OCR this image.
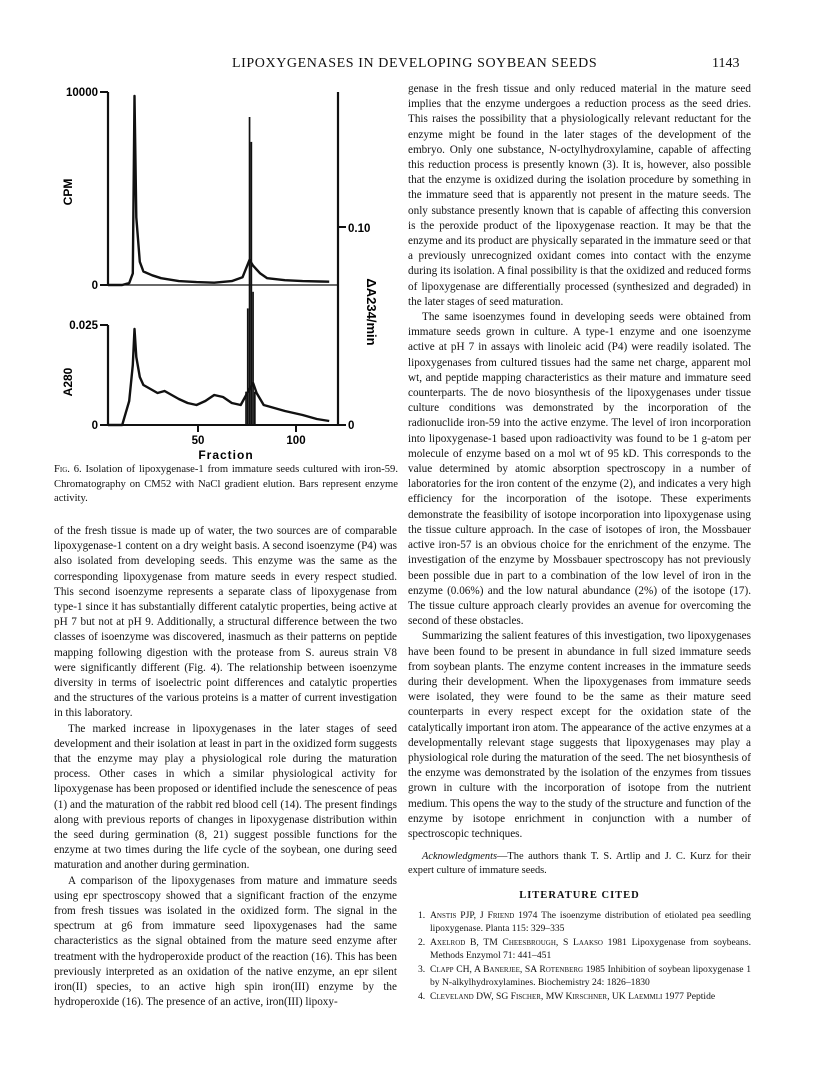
LIPOXYGENASES IN DEVELOPING SOYBEAN SEEDS	1143
10000
0
0.025
0
0.10
0
50	100
Fraction
CPM
A280
ΔA234/min
Fig. 6. Isolation of lipoxygenase-1 from immature seeds cultured with iron-59. Chromatography on CM52 with NaCl gradient elution. Bars represent enzyme activity.

of the fresh tissue is made up of water, the two sources are of comparable lipoxygenase-1 content on a dry weight basis. A second isoenzyme (P4) was also isolated from developing seeds. This enzyme was the same as the corresponding lipoxygenase from mature seeds in every respect studied. This second isoenzyme represents a separate class of lipoxygenase from type-1 since it has substantially different catalytic properties, being active at pH 7 but not at pH 9. Additionally, a structural difference between the two classes of isoenzyme was discovered, inasmuch as their patterns on peptide mapping following digestion with the protease from S. aureus strain V8 were significantly different (Fig. 4). The relationship between isoenzyme diversity in terms of isoelectric point differences and catalytic properties and the structures of the various proteins is a matter of current investigation in this laboratory.

The marked increase in lipoxygenases in the later stages of seed development and their isolation at least in part in the oxidized form suggests that the enzyme may play a physiological role during the maturation process. Other cases in which a similar physiological activity for lipoxygenase has been proposed or identified include the senescence of peas (1) and the maturation of the rabbit red blood cell (14). The present findings along with previous reports of changes in lipoxygenase distribution within the seed during germination (8, 21) suggest possible functions for the enzyme at two times during the life cycle of the soybean, one during seed maturation and another during germination.

A comparison of the lipoxygenases from mature and immature seeds using epr spectroscopy showed that a significant fraction of the enzyme from fresh tissues was isolated in the oxidized form. The signal in the spectrum at g6 from immature seed lipoxygenases had the same characteristics as the signal obtained from the mature seed enzyme after treatment with the hydroperoxide product of the reaction (16). This has been previously interpreted as an oxidation of the native enzyme, an epr silent iron(II) species, to an active high spin iron(III) enzyme by the hydroperoxide (16). The presence of an active, iron(III) lipoxy-

genase in the fresh tissue and only reduced material in the mature seed implies that the enzyme undergoes a reduction process as the seed dries. This raises the possibility that a physiologically relevant reductant for the enzyme might be found in the later stages of the development of the embryo. Only one substance, N-octylhydroxylamine, capable of affecting this reduction process is presently known (3). It is, however, also possible that the enzyme is oxidized during the isolation procedure by something in the immature seed that is apparently not present in the mature seeds. The only substance presently known that is capable of affecting this conversion is the peroxide product of the lipoxygenase reaction. It may be that the enzyme and its product are physically separated in the immature seed or that a previously unrecognized oxidant comes into contact with the enzyme during its isolation. A final possibility is that the oxidized and reduced forms of lipoxygenase are differentially processed (synthesized and degraded) in the later stages of seed maturation.

The same isoenzymes found in developing seeds were obtained from immature seeds grown in culture. A type-1 enzyme and one isoenzyme active at pH 7 in assays with linoleic acid (P4) were readily isolated. The lipoxygenases from cultured tissues had the same net charge, apparent mol wt, and peptide mapping characteristics as their mature and immature seed counterparts. The de novo biosynthesis of the lipoxygenases under tissue culture conditions was demonstrated by the incorporation of the radionuclide iron-59 into the active enzyme. The level of iron incorporation into lipoxygenase-1 based upon radioactivity was found to be 1 g-atom per molecule of enzyme based on a mol wt of 95 kD. This corresponds to the value determined by atomic absorption spectroscopy in a number of laboratories for the iron content of the enzyme (2), and indicates a very high efficiency for the incorporation of the isotope. These experiments demonstrate the feasibility of isotope incorporation into lipoxygenase using the tissue culture approach. In the case of isotopes of iron, the Mossbauer active iron-57 is an obvious choice for the enrichment of the enzyme. The investigation of the enzyme by Mossbauer spectroscopy has not previously been possible due in part to a combination of the low level of iron in the enzyme (0.06%) and the low natural abundance (2%) of the isotope (17). The tissue culture approach clearly provides an avenue for overcoming the second of these obstacles.

Summarizing the salient features of this investigation, two lipoxygenases have been found to be present in abundance in full sized immature seeds from soybean plants. The enzyme content increases in the immature seeds during their development. When the lipoxygenases from immature seeds were isolated, they were found to be the same as their mature seed counterparts in every respect except for the oxidation state of the catalytically important iron atom. The appearance of the active enzymes at a developmentally relevant stage suggests that lipoxygenases may play a physiological role during the maturation of the seed. The net biosynthesis of the enzyme was demonstrated by the isolation of the enzymes from tissues grown in culture with the incorporation of isotope from the nutrient medium. This opens the way to the study of the structure and function of the enzyme by isotope enrichment in conjunction with a number of spectroscopic techniques.

Acknowledgments—The authors thank T. S. Artlip and J. C. Kurz for their expert culture of immature seeds.

LITERATURE CITED
1. Anstis PJP, J Friend 1974 The isoenzyme distribution of etiolated pea seedling lipoxygenase. Planta 115: 329–335
2. Axelrod B, TM Cheesbrough, S Laakso 1981 Lipoxygenase from soybeans. Methods Enzymol 71: 441–451
3. Clapp CH, A Banerjee, SA Rotenberg 1985 Inhibition of soybean lipoxygenase 1 by N-alkylhydroxylamines. Biochemistry 24: 1826–1830
4. Cleveland DW, SG Fischer, MW Kirschner, UK Laemmli 1977 Peptide
